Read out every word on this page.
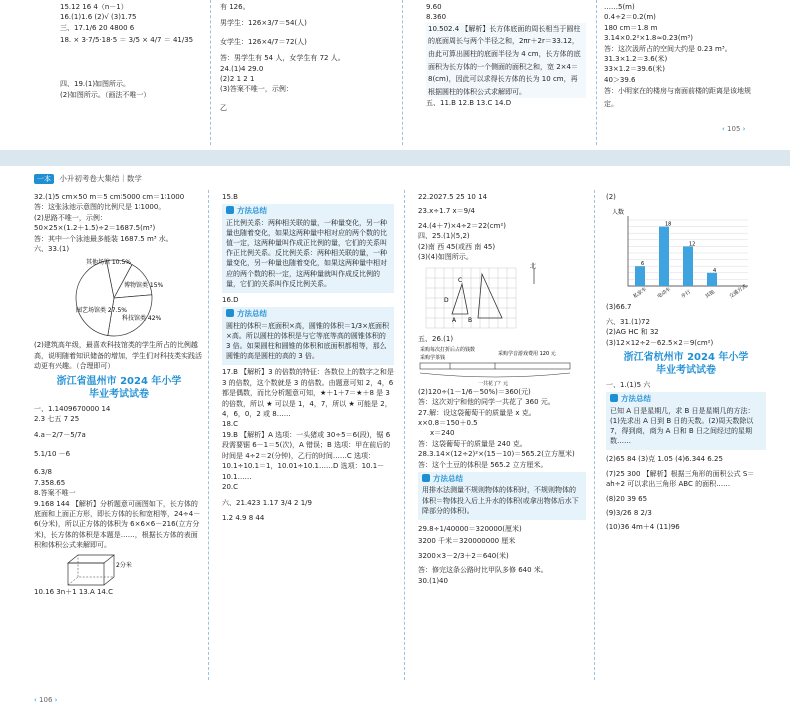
15.12 16 4（n－1）

16.(1)1.6 (2)√ (3)1.75

三、17.1/6 20 4800 6

18. × 3·7/5·18·5 ＝ 3/5 × 4/7 ＝ 41/35

四、19.(1)如图所示。

(2)如图所示。（画法不唯一）

有 126。

男学生：126×3/7＝54(人)

女学生：126×4/7＝72(人)

答：男学生有 54 人，女学生有 72 人。

24.(1)4 29.0

(2)2 1 2 1

(3)答案不唯一，示例：

乙

9.60

8.360

10.502.4 【解析】长方体底面的周长相当于圆柱的底面周长与两个半径之和，2πr＋2r＝33.12，由此可算出圆柱的底面半径为 4 cm，长方体的底面积为长方体的一个侧面的面积之和，宽 2×4＝8(cm)，因此可以求得长方体的长为 10 cm，再根据圆柱的体积公式求解即可。

五、11.B 12.B 13.C 14.D

……5(m)

0.4÷2＝0.2(m)

180 cm＝1.8 m

3.14×0.2²×1.8≈0.23(m³)

答：这次汲所占的空间大约是 0.23 m³。

31.3×1.2＝3.6(米)

33×1.2＝39.6(米)

40＞39.6

答：小明家在的楼房与南面前楼的距离是该地规定。

‹ 105 ›
一本 小升初考卷大集结｜数学

32.(1)5 cm×50 m＝5 cm∶5000 cm＝1∶1000

答：这张泳池示意图的比例尺是 1∶1000。

(2)思路不唯一，示例：

50×25×(1.2＋1.5)÷2＝1687.5(m³)

答：其中一个泳池最多能装 1687.5 m³ 水。

六、33.(1)

其他场馆 10.5%
博物馆类 15%
园艺场馆类 27.5%
科技馆类 42%

(2)建筑高年级，最喜欢科技馆类的学生所占的比例越高，说明随着知识储备的增加，学生们对科技类实践活动更有兴趣。（合理即可）

浙江省温州市 2024 年小学
毕业考试试卷

一、1.1409670000 14

2.3 七五 7 25

4.a－2/7－5/7a

5.1/10 －6

6.3/8

7.358.65

8.答案不唯一

9.168 144 【解析】分析题意可画图如下，长方体的底面和上面正方形，即长方体的长和宽相等，24÷4－6(分米)，所以正方体的体积为 6×6×6－216(立方分米)，长方体的体积是本题是……，根据长方体的表面积和体积公式来解即可。

2分米

10.16 3n＋1 13.A 14.C

15.B

方法总结
正比例关系：两种相关联的量，一种量变化，另一种量也随着变化，如果这两种量中相对应的两个数的比值一定，这两种量叫作成正比例的量，它们的关系叫作正比例关系。反比例关系：两种相关联的量，一种量变化，另一种量也随着变化，如果这两种量中相对应的两个数的积一定，这两种量就叫作成反比例的量，它们的关系叫作反比例关系。

16.D

方法总结
圆柱的体积＝底面积×高，圆锥的体积＝1/3×底面积×高。所以圆柱的体积是与它等底等高的圆锥体积的 3 倍。如果圆柱和圆锥的体积和底面积都相等，那么圆锥的高是圆柱的高的 3 倍。

17.B 【解析】3 的倍数的特征：各数位上的数字之和是 3 的倍数，这个数就是 3 的倍数。由题意可知 2，4，6 都是偶数，而比分析题意可知，★＋1＋7＝★＋8 是 3 的倍数，所以 ★ 可以是 1，4，7，所以 ★ 可能是 2，4，6，0，2 或 8……

18.C

19.B 【解析】A 选项：一头猪或 30÷5＝6(段)，锯 6 段需要锯 6－1＝5(次)，A 错误；B 选项：甲在前后的时间是 4÷2＝2(分钟)，乙行的时间……C 选项：10.1÷10.1＝1，10.01÷10.1……D 选项：10.1－10.1……

20.C

六、21.423 1.17 3/4 2 1/9

1.2 4.9 8 44

22.2027.5 25 10 14

23.x÷1.7 x＝9/4

24.(4＋7)×4÷2＝22(cm²)

四、25.(1)(5,2)

(2)南 西 45(或西 南 45)

(3)(4)如图所示。

C
D
A B
北

五、26.(1)

采购每次打折后占的钱数
采购学茶钱
采购学音游戏费用 120 元
一共花了？元

(2)120÷(1－1/6－50%)＝360(元)

答：这次刘宁和他的同学一共花了 360 元。

27.解：设这袋葡萄干的质量是 x 克。

x×0.8＝150＋0.5

x＝240

答：这袋葡萄干的质量是 240 克。

28.3.14×(12÷2)²×(15－10)＝565.2(立方厘米)

答：这个土豆的体积是 565.2 立方厘米。

方法总结
用排水法测量不规则物体的体积时，不规则物体的体积＝物体投入后上升水的体积(或拿出物体后水下降部分的体积)。

29.8÷1/40000＝320000(厘米)

3200 千米＝320000000 厘米

3200×3－2/3＋2＝640(米)

答：修完这条公路时比甲队多修 640 米。

30.(1)40

(2)

人数
6
私家车
18
电动车
12
步行
4
其他 交通方式

(3)66.7

六、31.(1)72

(2)AG HC 和 32

(3)12×12÷2－62.5×2＝9(cm²)

浙江省杭州市 2024 年小学
毕业考试试卷

一、1.(1)5 六

方法总结
已知 A 日是星期几，求 B 日是星期几的方法：(1)先求出 A 日到 B 日的天数。(2)周天数除以 7，得到商，商为 A 日和 B 日之间经过的星期数……

(2)65 84 (3)克 1.05 (4)6.344 6.25

(7)25 300 【解析】根据三角形的面积公式 S＝ah÷2 可以求出三角形 ABC 的面积……

(8)20 39 65

(9)3/26 8 2/3

(10)36 4m＋4 (11)96

‹ 106 ›
